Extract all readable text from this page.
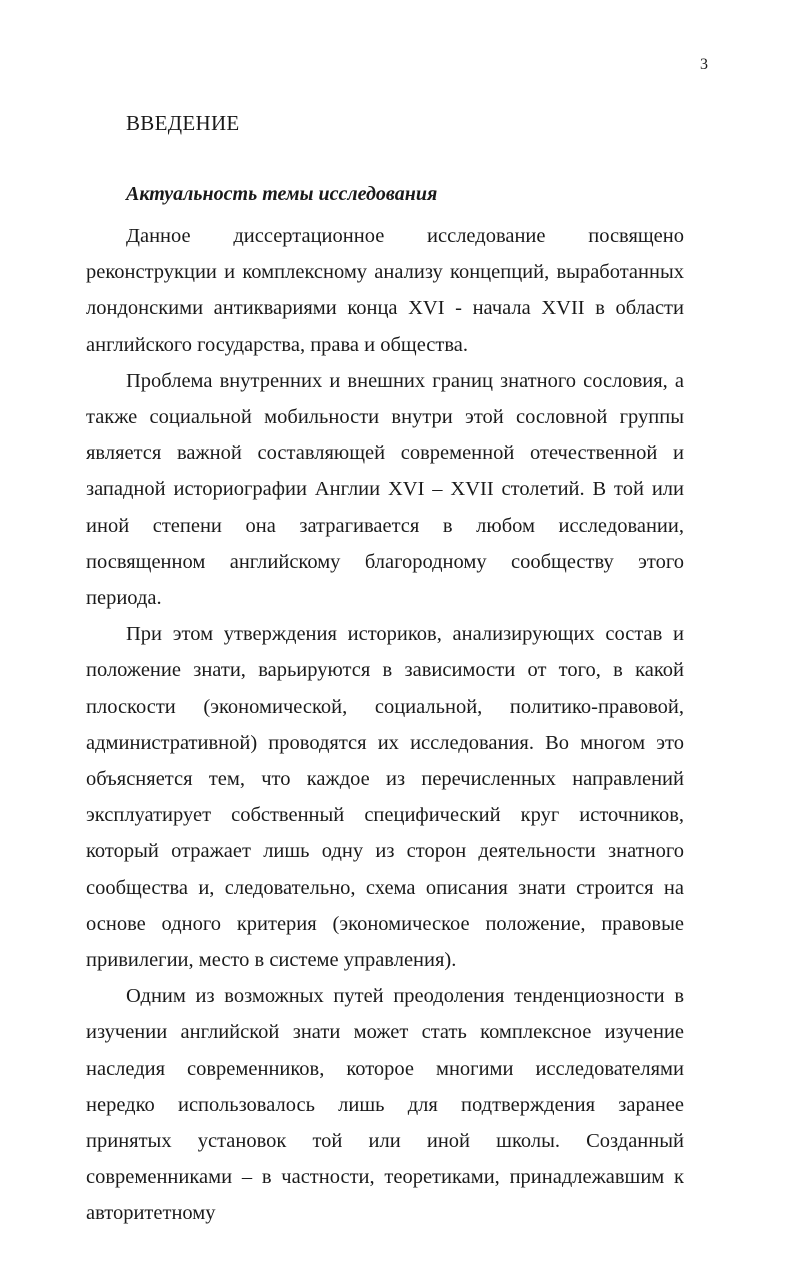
3
ВВЕДЕНИЕ
Актуальность темы исследования

Данное диссертационное исследование посвящено реконструкции и комплексному анализу концепций, выработанных лондонскими антиквариями конца XVI - начала XVII в области английского государства, права и общества.

Проблема внутренних и внешних границ знатного сословия, а также социальной мобильности внутри этой сословной группы является важной составляющей современной отечественной и западной историографии Англии XVI – XVII столетий. В той или иной степени она затрагивается в любом исследовании, посвященном английскому благородному сообществу этого периода.

При этом утверждения историков, анализирующих состав и положение знати, варьируются в зависимости от того, в какой плоскости (экономической, социальной, политико-правовой, административной) проводятся их исследования. Во многом это объясняется тем, что каждое из перечисленных направлений эксплуатирует собственный специфический круг источников, который отражает лишь одну из сторон деятельности знатного сообщества и, следовательно, схема описания знати строится на основе одного критерия (экономическое положение, правовые привилегии, место в системе управления).

Одним из возможных путей преодоления тенденциозности в изучении английской знати может стать комплексное изучение наследия современников, которое многими исследователями нередко использовалось лишь для подтверждения заранее принятых установок той или иной школы. Созданный современниками – в частности, теоретиками, принадлежавшим к авторитетному
